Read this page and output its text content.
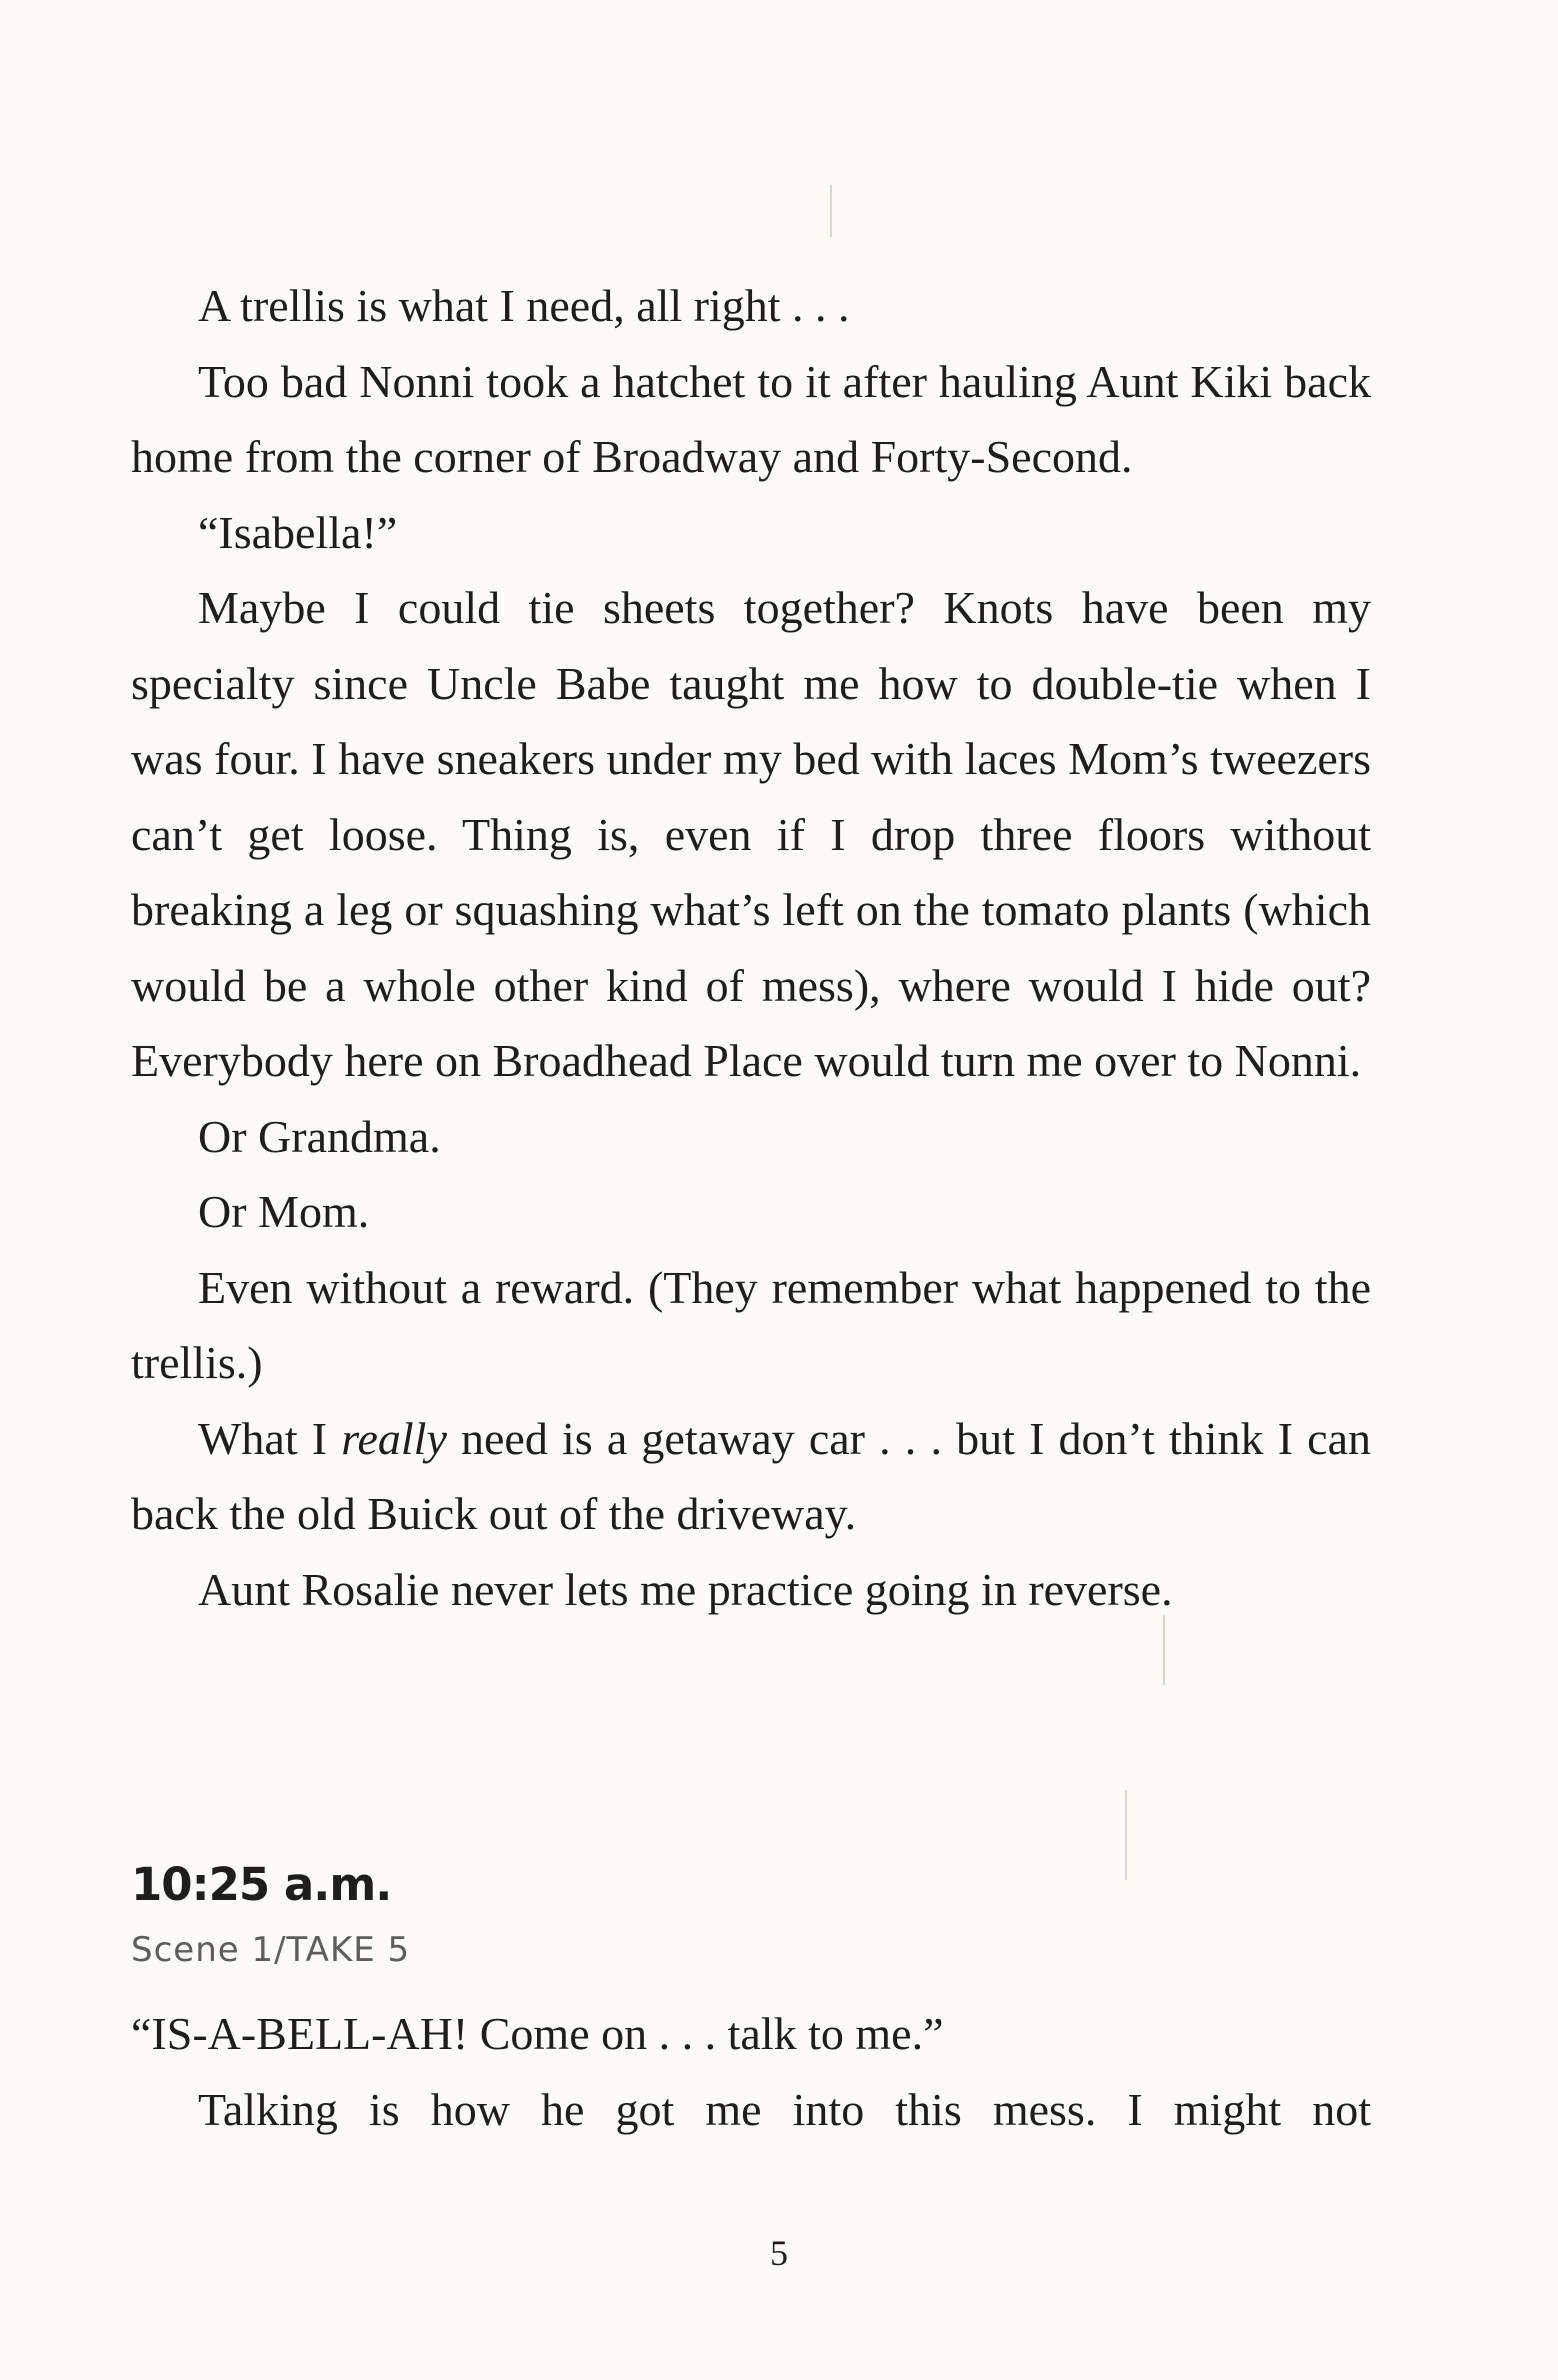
A trellis is what I need, all right . . .

Too bad Nonni took a hatchet to it after hauling Aunt Kiki back home from the corner of Broadway and Forty-Second.

“Isabella!”

Maybe I could tie sheets together? Knots have been my specialty since Uncle Babe taught me how to double-tie when I was four. I have sneakers under my bed with laces Mom’s tweezers can’t get loose. Thing is, even if I drop three floors without breaking a leg or squashing what’s left on the tomato plants (which would be a whole other kind of mess), where would I hide out? Everybody here on Broadhead Place would turn me over to Nonni.

Or Grandma.

Or Mom.

Even without a reward. (They remember what happened to the trellis.)

What I really need is a getaway car . . . but I don’t think I can back the old Buick out of the driveway.

Aunt Rosalie never lets me practice going in reverse.

10:25 a.m.

Scene 1/TAKE 5

“IS-A-BELL-AH! Come on . . . talk to me.”

Talking is how he got me into this mess. I might not

5
